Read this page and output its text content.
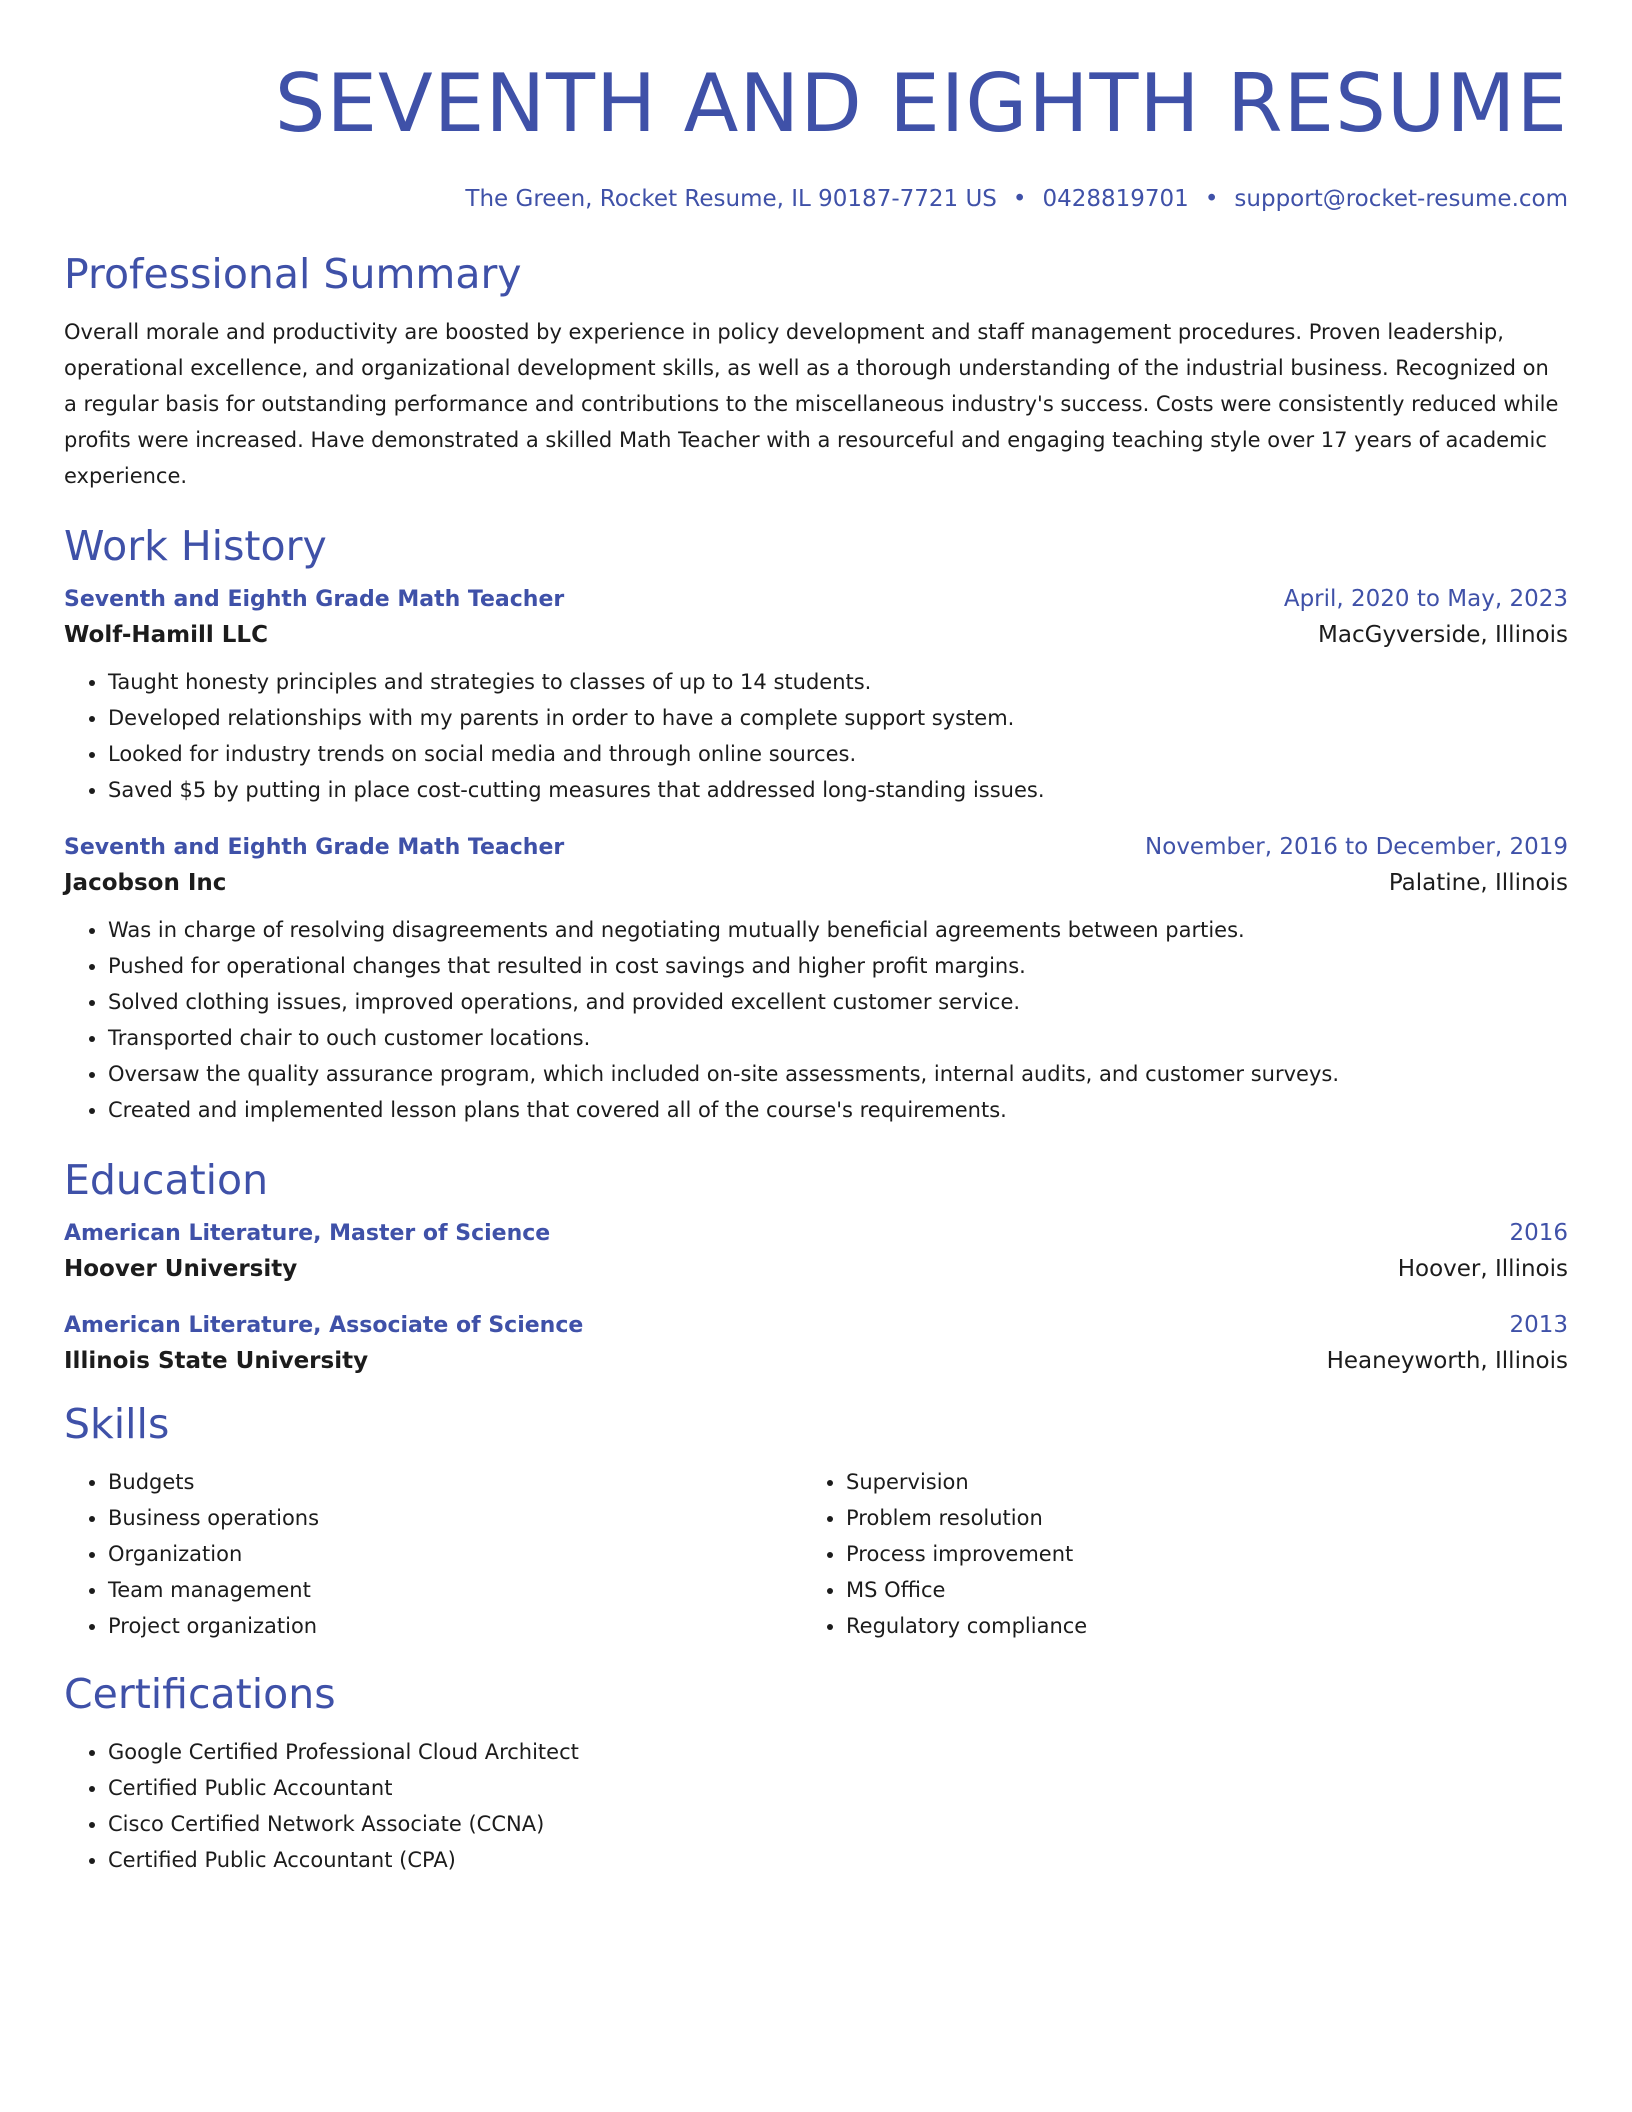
SEVENTH AND EIGHTH RESUME
The Green, Rocket Resume, IL 90187-7721 US • 0428819701 • support@rocket-resume.com
Professional Summary

Overall morale and productivity are boosted by experience in policy development and staff management procedures. Proven leadership, operational excellence, and organizational development skills, as well as a thorough understanding of the industrial business. Recognized on a regular basis for outstanding performance and contributions to the miscellaneous industry's success. Costs were consistently reduced while profits were increased. Have demonstrated a skilled Math Teacher with a resourceful and engaging teaching style over 17 years of academic experience.

Work History
Seventh and Eighth Grade Math Teacher	April, 2020 to May, 2023
Wolf-Hamill LLC	MacGyverside, Illinois
• Taught honesty principles and strategies to classes of up to 14 students.
• Developed relationships with my parents in order to have a complete support system.
• Looked for industry trends on social media and through online sources.
• Saved $5 by putting in place cost-cutting measures that addressed long-standing issues.
Seventh and Eighth Grade Math Teacher	November, 2016 to December, 2019
Jacobson Inc	Palatine, Illinois
• Was in charge of resolving disagreements and negotiating mutually beneficial agreements between parties.
• Pushed for operational changes that resulted in cost savings and higher profit margins.
• Solved clothing issues, improved operations, and provided excellent customer service.
• Transported chair to ouch customer locations.
• Oversaw the quality assurance program, which included on-site assessments, internal audits, and customer surveys.
• Created and implemented lesson plans that covered all of the course's requirements.
Education
American Literature, Master of Science	2016
Hoover University	Hoover, Illinois
American Literature, Associate of Science	2013
Illinois State University	Heaneyworth, Illinois
Skills
• Budgets
• Business operations
• Organization
• Team management
• Project organization
• Supervision
• Problem resolution
• Process improvement
• MS Office
• Regulatory compliance
Certifications
• Google Certified Professional Cloud Architect
• Certified Public Accountant
• Cisco Certified Network Associate (CCNA)
• Certified Public Accountant (CPA)
